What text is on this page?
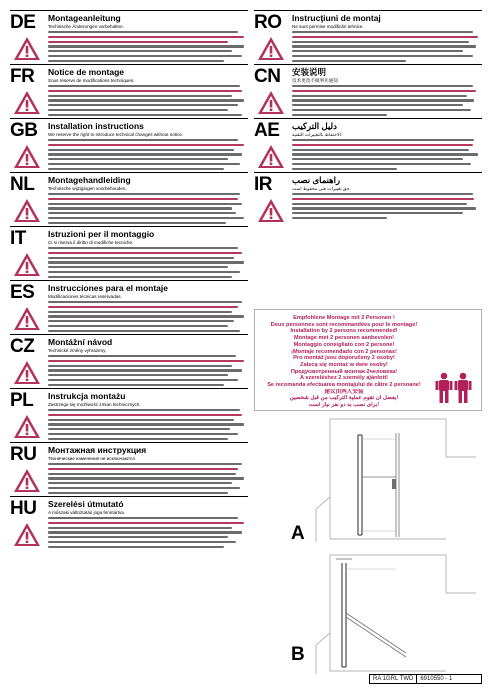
DE	Montageanleitung
Technische Änderungen vorbehalten.
FR	Notice de montage
Sous réserve de modifications techniques.
GB	Installation instructions
We reserve the right to introduce technical changes without notice.
NL	Montagehandleiding
Technische wijzigingen voorbehouden.
IT	Istruzioni per il montaggio
Ci si riserva il diritto di modifiche tecniche.
ES	Instrucciones para el montaje
Modificaciones técnicas reservadas.
CZ	Montážní návod
Technické změny vyhrazeny.
PL	Instrukcja montażu
Zastrzega się możliwość zmian technicznych.
RU	Монтажная инструкция
Технические изменения не исключаются
HU	Szerelési útmutató
A műszaki változtatás joga fenntartva.
RO	Instrucţiuni de montaj
Ne sunt permise modificări tehnice.
CN	安装说明
技术更改不做事先通知
AE	دليل التركيب
الاحتفاظ بالتغييرات التقنية.
IR	راهنمای نصب
حق تغییرات فنی محفوظ است.
Empfohlene Montage mit 2 Personen !
Deux personnes sont recommandées pour le montage!
Installation by 2 persons recommended!
Montage met 2 personen aanbevolen!
Montaggio consigliato con 2 persone!
¡Montaje recomendado con 2 personas!
Pro montáž jsou doporučeny 2 osoby!
Zalecą się montaż w dwie osoby!
Предусмотренный монтаж 2человека!
A szereléshez 2 személy ajánlott!
Se recomanda efectuarea montajului de către 2 persoane!
建议由两人安装
يفضل أن تقوم عملية التركيب من قبل شخصين!
برای نصب به دو نفر نیاز است!
A
B
RA 1GRL TWD	6910550 - 1
